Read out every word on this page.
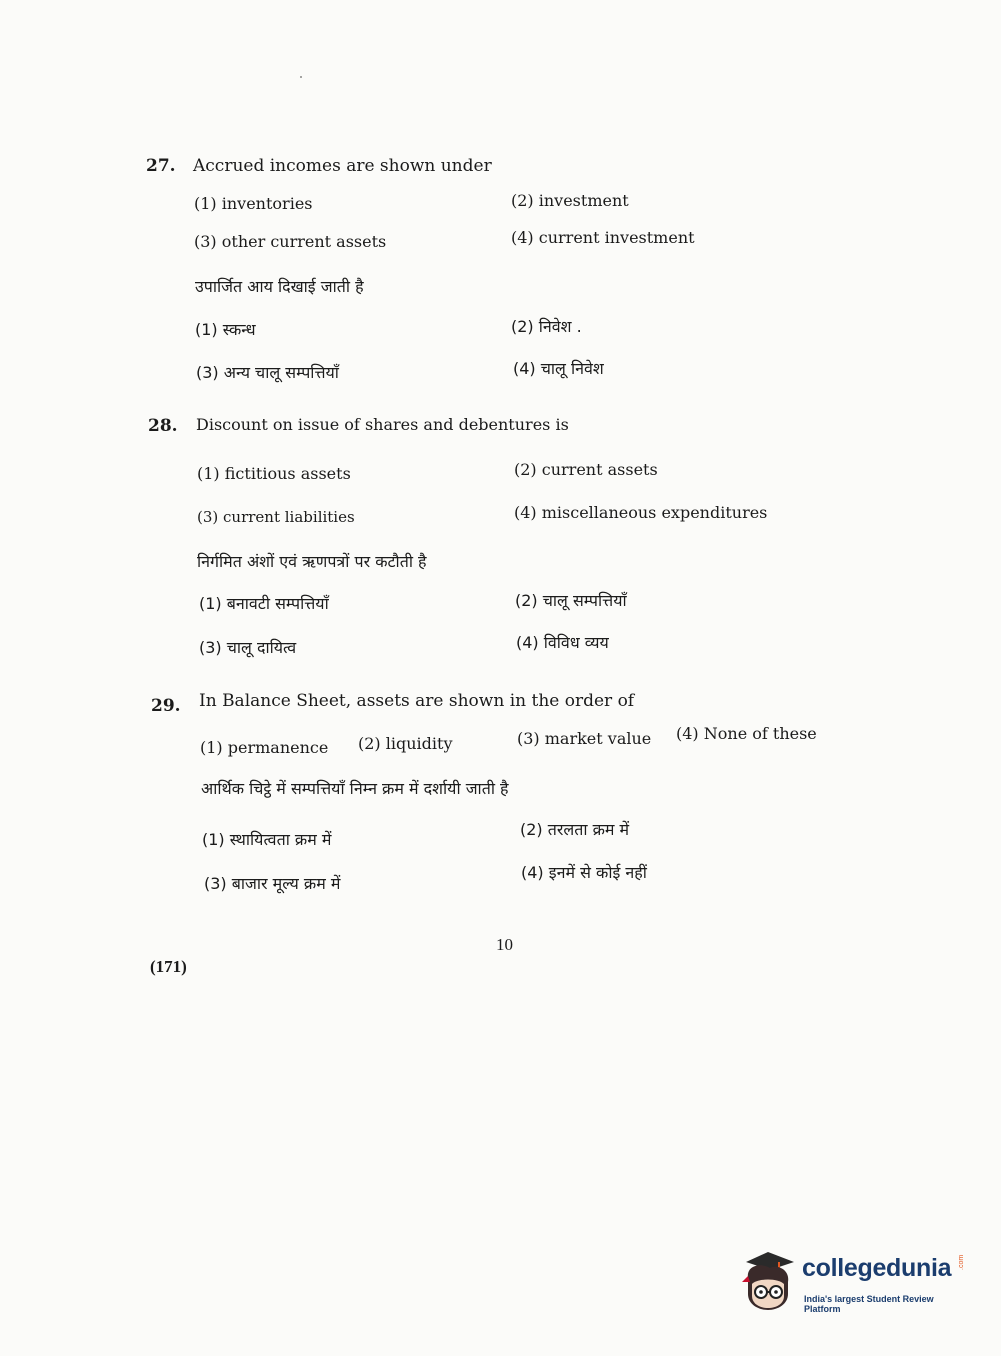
27. Accrued incomes are shown under
(1) inventories	(2) investment
(3) other current assets	(4) current investment
उपार्जित आय दिखाई जाती है
(1) स्कन्ध	(2) निवेश .
(3) अन्य चालू सम्पत्तियाँ	(4) चालू निवेश
28. Discount on issue of shares and debentures is
(1) fictitious assets	(2) current assets
(3) current liabilities	(4) miscellaneous expenditures
निर्गमित अंशों एवं ऋणपत्रों पर कटौती है
(1) बनावटी सम्पत्तियाँ	(2) चालू सम्पत्तियाँ
(3) चालू दायित्व	(4) विविध व्यय
29. In Balance Sheet, assets are shown in the order of
(1) permanence (2) liquidity	(3) market value (4) None of these
आर्थिक चिट्ठे में सम्पत्तियाँ निम्न क्रम में दर्शायी जाती है
(1) स्थायित्वता क्रम में
(2) तरलता क्रम में
(3) बाजार मूल्य क्रम में
(4) इनमें से कोई नहीं
10
(171)
collegedunia .com
India's largest Student Review Platform
